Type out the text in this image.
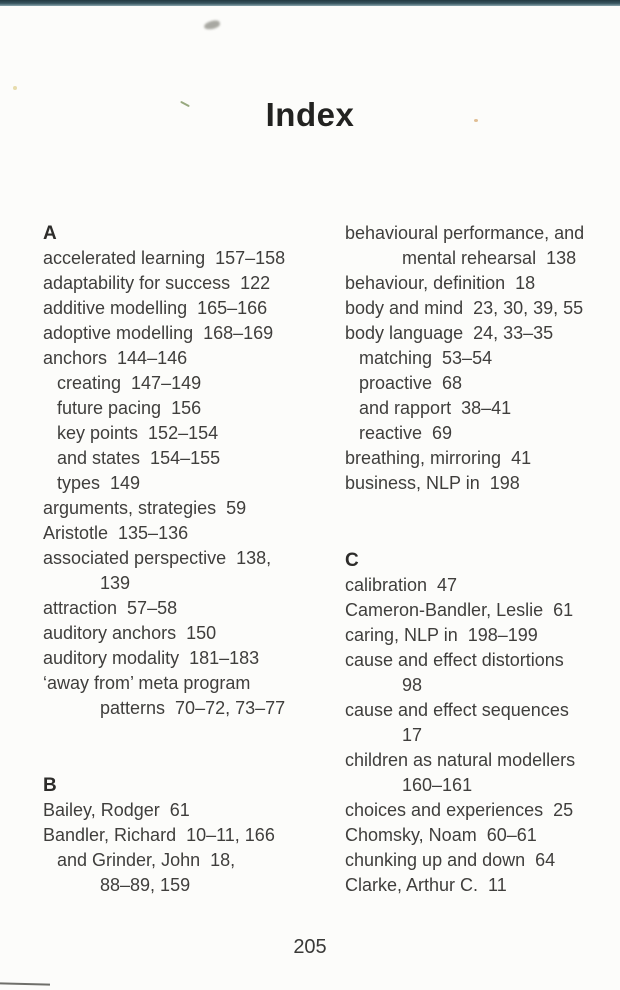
Index
A
accelerated learning  157–158
adaptability for success  122
additive modelling  165–166
adoptive modelling  168–169
anchors  144–146
creating  147–149
future pacing  156
key points  152–154
and states  154–155
types  149
arguments, strategies  59
Aristotle  135–136
associated perspective  138,
139
attraction  57–58
auditory anchors  150
auditory modality  181–183
‘away from’ meta program
patterns  70–72, 73–77
B
Bailey, Rodger  61
Bandler, Richard  10–11, 166
and Grinder, John  18,
88–89, 159
behavioural performance, and
mental rehearsal  138
behaviour, definition  18
body and mind  23, 30, 39, 55
body language  24, 33–35
matching  53–54
proactive  68
and rapport  38–41
reactive  69
breathing, mirroring  41
business, NLP in  198
C
calibration  47
Cameron-Bandler, Leslie  61
caring, NLP in  198–199
cause and effect distortions
98
cause and effect sequences
17
children as natural modellers
160–161
choices and experiences  25
Chomsky, Noam  60–61
chunking up and down  64
Clarke, Arthur C.  11
205
